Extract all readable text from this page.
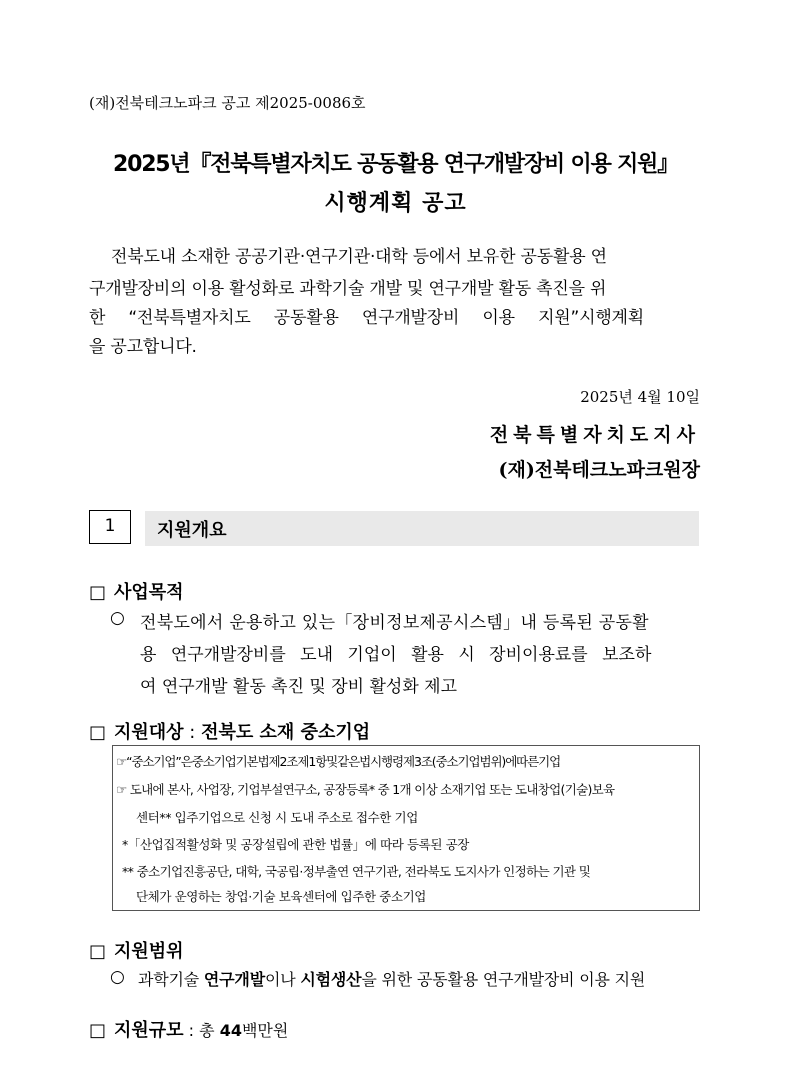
(재)전북테크노파크 공고 제2025-0086호
2025년『전북특별자치도 공동활용 연구개발장비 이용 지원』
시행계획 공고
전북도내 소재한 공공기관·연구기관·대학 등에서 보유한 공동활용 연
구개발장비의 이용 활성화로 과학기술 개발 및 연구개발 활동 촉진을 위
한 “전북특별자치도 공동활용 연구개발장비 이용 지원”시행계획
을 공고합니다.
2025년 4월 10일
전북특별자치도지사
(재)전북테크노파크원장
1	지원개요
□ 사업목적
○ 전북도에서 운용하고 있는「장비정보제공시스템」내 등록된 공동활
용 연구개발장비를 도내 기업이 활용 시 장비이용료를 보조하
여 연구개발 활동 촉진 및 장비 활성화 제고
□ 지원대상 : 전북도 소재 중소기업
☞“중소기업”은중소기업기본법제2조제1항및같은법시행령제3조(중소기업범위)에따른기업
☞ 도내에 본사, 사업장, 기업부설연구소, 공장등록* 중 1개 이상 소재기업 또는 도내창업(기술)보육
센터** 입주기업으로 신청 시 도내 주소로 접수한 기업
*「산업집적활성화 및 공장설립에 관한 법률」에 따라 등록된 공장
** 중소기업진흥공단, 대학, 국공립·정부출연 연구기관, 전라북도 도지사가 인정하는 기관 및
단체가 운영하는 창업·기술 보육센터에 입주한 중소기업
□ 지원범위
○ 과학기술 연구개발이나 시험생산을 위한 공동활용 연구개발장비 이용 지원
□ 지원규모 : 총 44백만원
